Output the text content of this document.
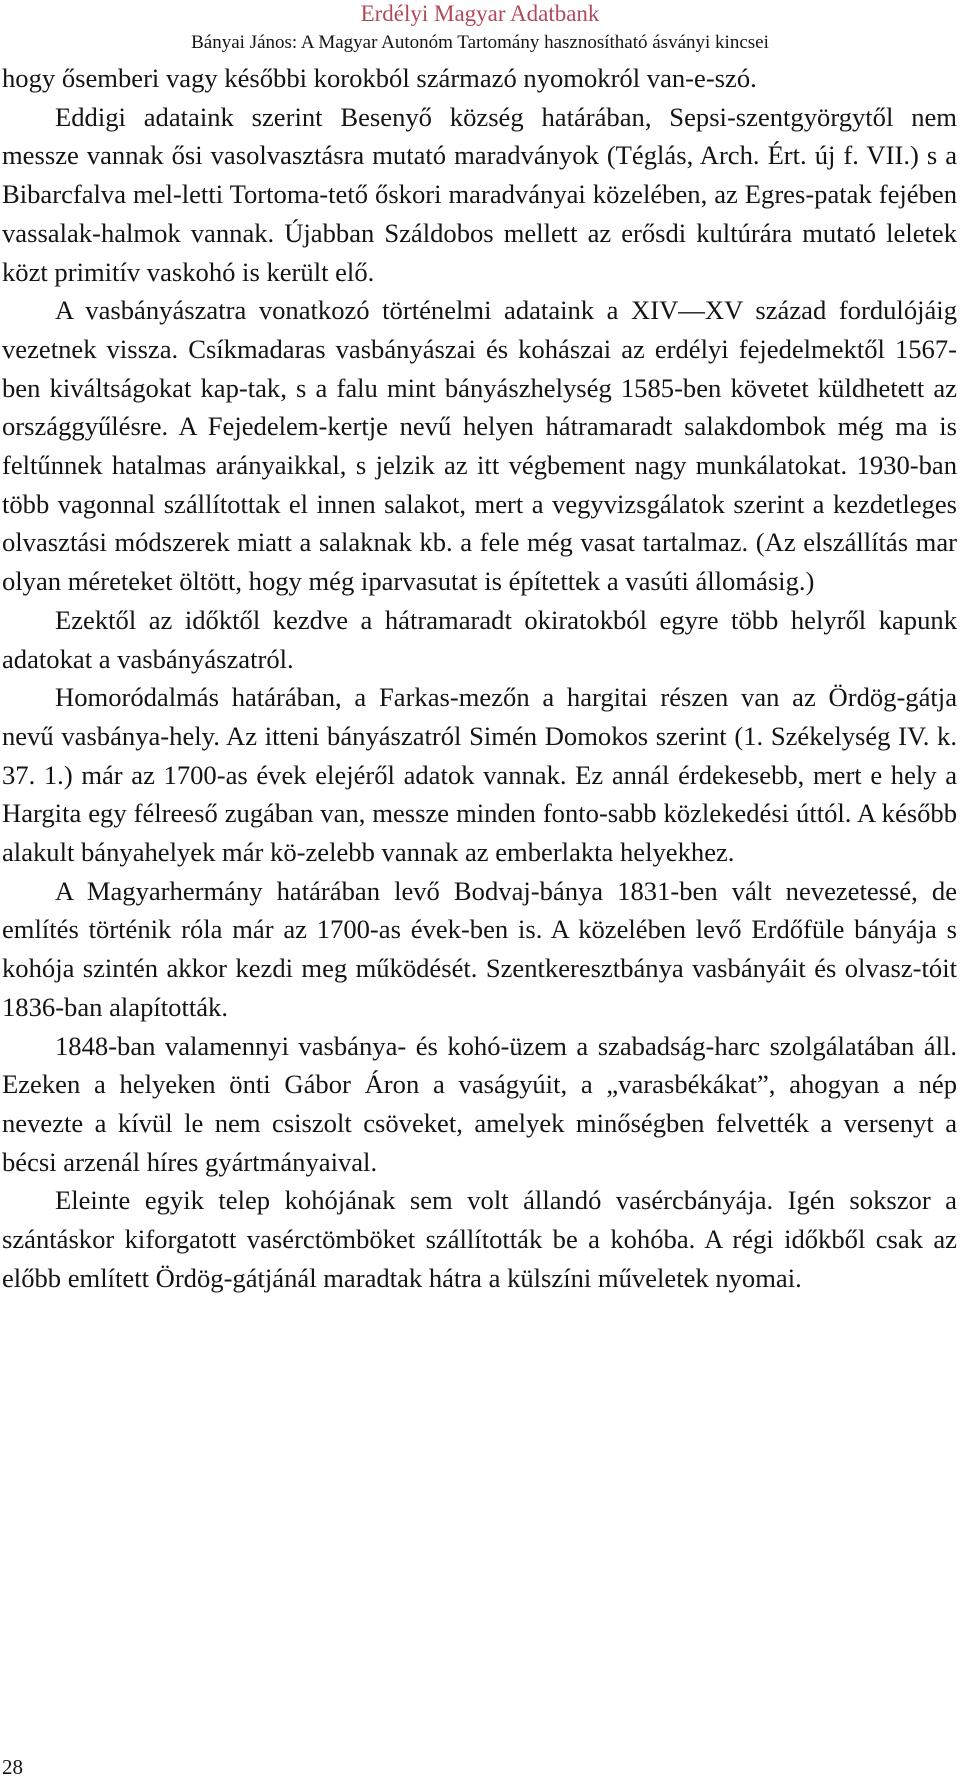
Erdélyi Magyar Adatbank
Bányai János: A Magyar Autonóm Tartomány hasznosítható ásványi kincsei

hogy ősemberi vagy későbbi korokból származó nyomokról van-e-szó.

Eddigi adataink szerint Besenyő község határában, Sepsi-szentgyörgytől nem messze vannak ősi vasolvasztásra mutató maradványok (Téglás, Arch. Ért. új f. VII.) s a Bibarcfalva mel-letti Tortoma-tető őskori maradványai közelében, az Egres-patak fejében vassalak-halmok vannak. Újabban Száldobos mellett az erősdi kultúrára mutató leletek közt primitív vaskohó is került elő.

A vasbányászatra vonatkozó történelmi adataink a XIV—XV század fordulójáig vezetnek vissza. Csíkmadaras vasbányászai és kohászai az erdélyi fejedelmektől 1567-ben kiváltságokat kap-tak, s a falu mint bányászhelység 1585-ben követet küldhetett az országgyűlésre. A Fejedelem-kertje nevű helyen hátramaradt salakdombok még ma is feltűnnek hatalmas arányaikkal, s jelzik az itt végbement nagy munkálatokat. 1930-ban több vagonnal szállítottak el innen salakot, mert a vegyvizsgálatok szerint a kezdetleges olvasztási módszerek miatt a salaknak kb. a fele még vasat tartalmaz. (Az elszállítás mar olyan méreteket öltött, hogy még iparvasutat is építettek a vasúti állomásig.)

Ezektől az időktől kezdve a hátramaradt okiratokból egyre több helyről kapunk adatokat a vasbányászatról.

Homoródalmás határában, a Farkas-mezőn a hargitai részen van az Ördög-gátja nevű vasbánya-hely. Az itteni bányászatról Simén Domokos szerint (1. Székelység IV. k. 37. 1.) már az 1700-as évek elejéről adatok vannak. Ez annál érdekesebb, mert e hely a Hargita egy félreeső zugában van, messze minden fonto-sabb közlekedési úttól. A később alakult bányahelyek már kö-zelebb vannak az emberlakta helyekhez.

A Magyarhermány határában levő Bodvaj-bánya 1831-ben vált nevezetessé, de említés történik róla már az 1700-as évek-ben is. A közelében levő Erdőfüle bányája s kohója szintén akkor kezdi meg működését. Szentkeresztbánya vasbányáit és olvasz-tóit 1836-ban alapították.

1848-ban valamennyi vasbánya- és kohó-üzem a szabadság-harc szolgálatában áll. Ezeken a helyeken önti Gábor Áron a vaságyúit, a „varasbékákat”, ahogyan a nép nevezte a kívül le nem csiszolt csöveket, amelyek minőségben felvették a versenyt a bécsi arzenál híres gyártmányaival.

Eleinte egyik telep kohójának sem volt állandó vasércbányája. Igén sokszor a szántáskor kiforgatott vasérctömböket szállították be a kohóba. A régi időkből csak az előbb említett Ördög-gátjánál maradtak hátra a külszíni műveletek nyomai.

28
